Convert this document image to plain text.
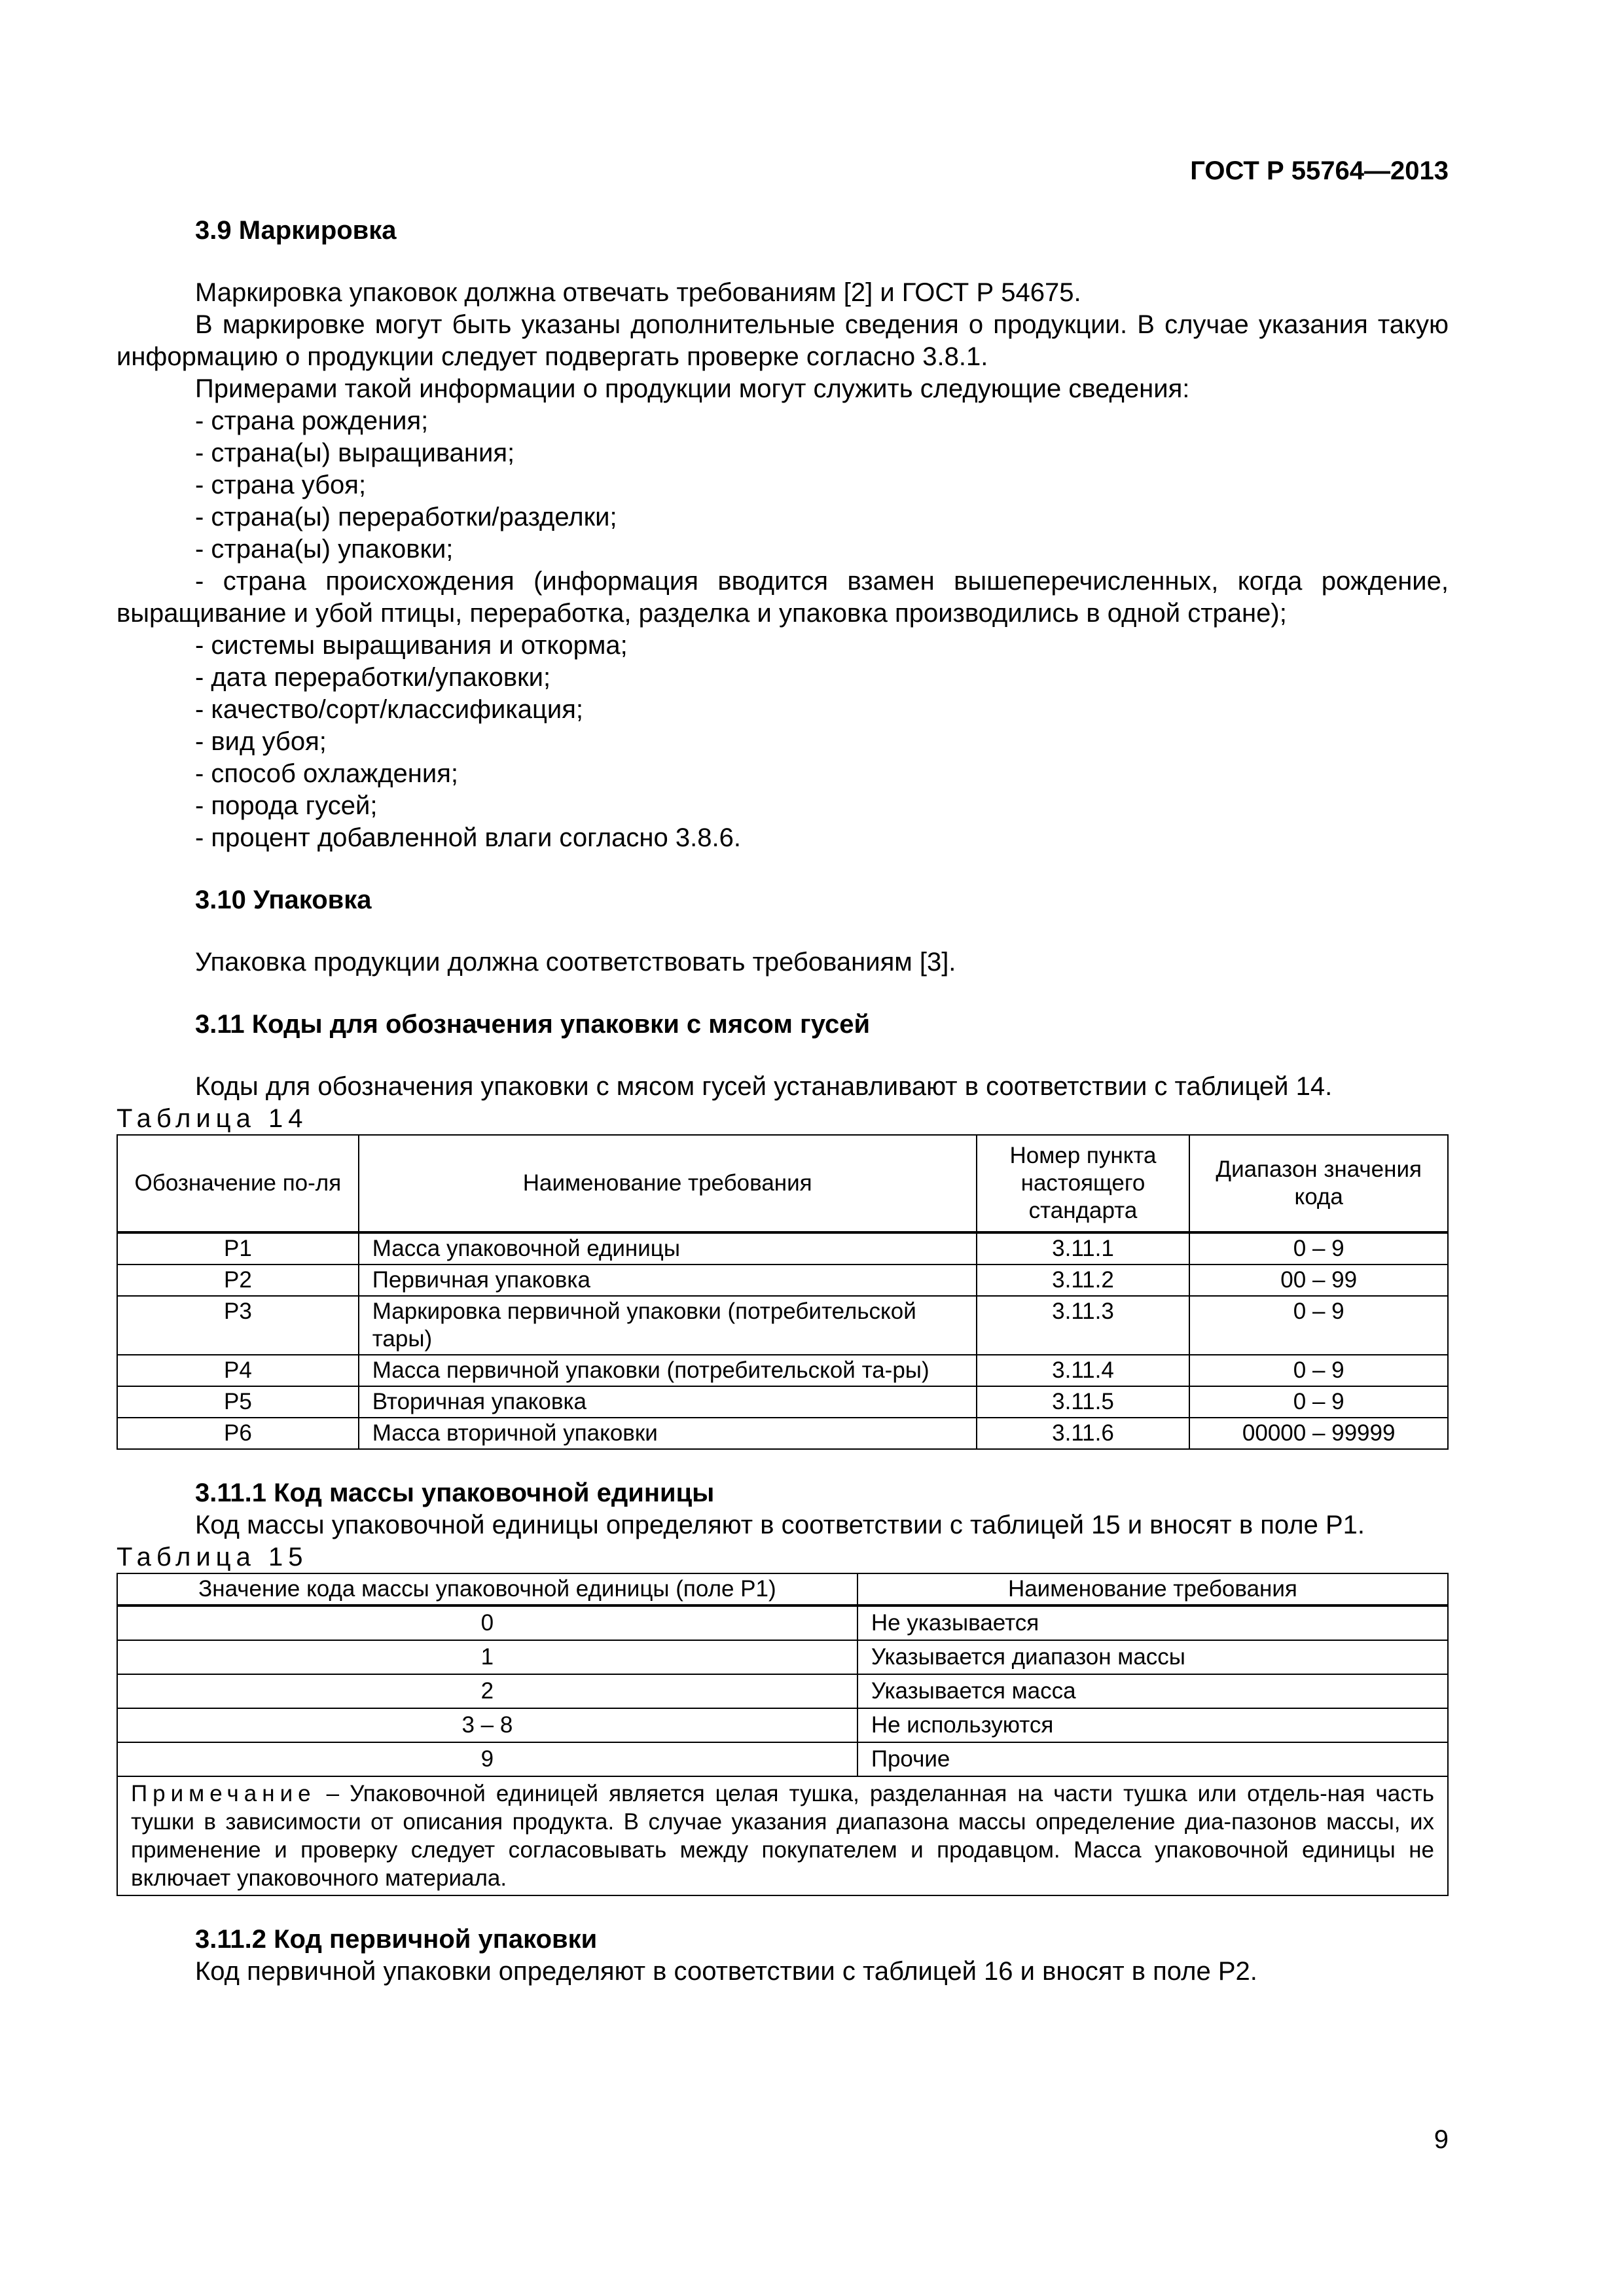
ГОСТ Р 55764—2013

3.9 Маркировка

Маркировка упаковок должна отвечать требованиям [2] и ГОСТ Р 54675.

В маркировке могут быть указаны дополнительные сведения о продукции. В случае указания такую информацию о продукции следует подвергать проверке согласно 3.8.1.

Примерами такой информации о продукции могут служить следующие сведения:

- страна рождения;

- страна(ы) выращивания;

- страна убоя;

- страна(ы) переработки/разделки;

- страна(ы) упаковки;

- страна происхождения (информация вводится взамен вышеперечисленных, когда рождение, выращивание и убой птицы, переработка, разделка и упаковка производились в одной стране);

- системы выращивания и откорма;

- дата переработки/упаковки;

- качество/сорт/классификация;

- вид убоя;

- способ охлаждения;

- порода гусей;

- процент добавленной влаги согласно 3.8.6.

3.10 Упаковка

Упаковка продукции должна соответствовать требованиям [3].

3.11 Коды для обозначения упаковки с мясом гусей

Коды для обозначения упаковки с мясом гусей устанавливают в соответствии с таблицей 14.

Таблица 14

Обозначение по-ля	Наименование требования	Номер пункта настоящего стандарта	Диапазон значения кода
P1	Масса упаковочной единицы	3.11.1	0 – 9
P2	Первичная упаковка	3.11.2	00 – 99
P3	Маркировка первичной упаковки (потребительской тары)	3.11.3	0 – 9
P4	Масса первичной упаковки (потребительской та-ры)	3.11.4	0 – 9
P5	Вторичная упаковка	3.11.5	0 – 9
P6	Масса вторичной упаковки	3.11.6	00000 – 99999

3.11.1 Код массы упаковочной единицы

Код массы упаковочной единицы определяют в соответствии с таблицей 15 и вносят в поле P1.

Таблица 15

Значение кода массы упаковочной единицы (поле P1)	Наименование требования
0	Не указывается
1	Указывается диапазон массы
2	Указывается масса
3 – 8	Не используются
9	Прочие
Примечание – Упаковочной единицей является целая тушка, разделанная на части тушка или отдель-ная часть тушки в зависимости от описания продукта. В случае указания диапазона массы определение диа-пазонов массы, их применение и проверку следует согласовывать между покупателем и продавцом. Масса упаковочной единицы не включает упаковочного материала.	

3.11.2 Код первичной упаковки

Код первичной упаковки определяют в соответствии с таблицей 16 и вносят в поле P2.

9
